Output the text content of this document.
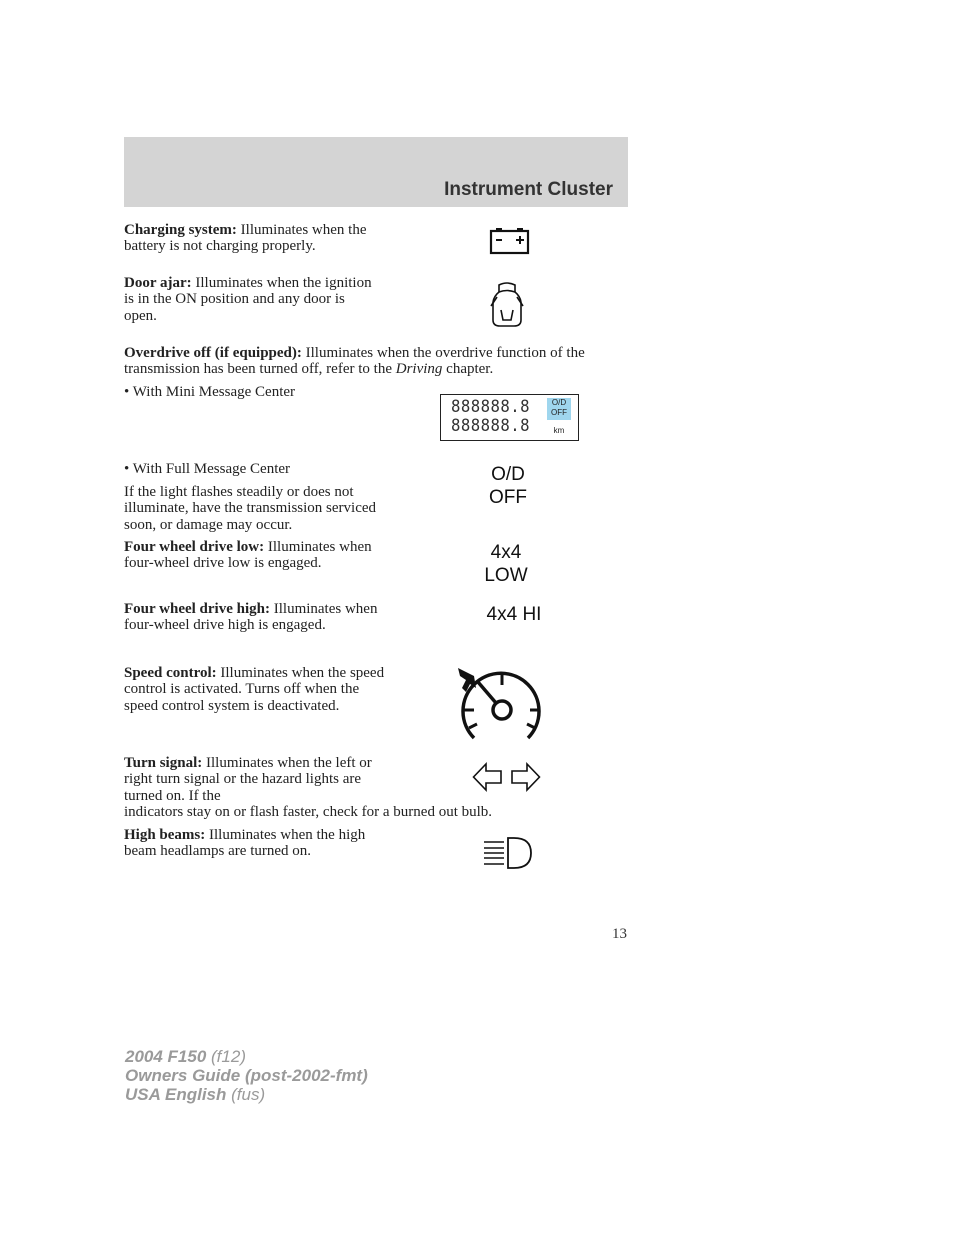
Instrument Cluster
Charging system: Illuminates when the battery is not charging properly.
Door ajar: Illuminates when the ignition is in the ON position and any door is open.
Overdrive off (if equipped): Illuminates when the overdrive function of the transmission has been turned off, refer to the Driving chapter.
• With Mini Message Center
888888.8
888888.8
O/D
OFF
km
• With Full Message Center
If the light flashes steadily or does not illuminate, have the transmission serviced soon, or damage may occur.
O/D
OFF
Four wheel drive low: Illuminates when four-wheel drive low is engaged.
4x4
LOW
Four wheel drive high: Illuminates when four-wheel drive high is engaged.
4x4 HI
Speed control: Illuminates when the speed control is activated. Turns off when the speed control system is deactivated.
Turn signal: Illuminates when the left or right turn signal or the hazard lights are turned on. If the
indicators stay on or flash faster, check for a burned out bulb.
High beams: Illuminates when the high beam headlamps are turned on.
13
2004 F150 (f12)
Owners Guide (post-2002-fmt)
USA English (fus)
